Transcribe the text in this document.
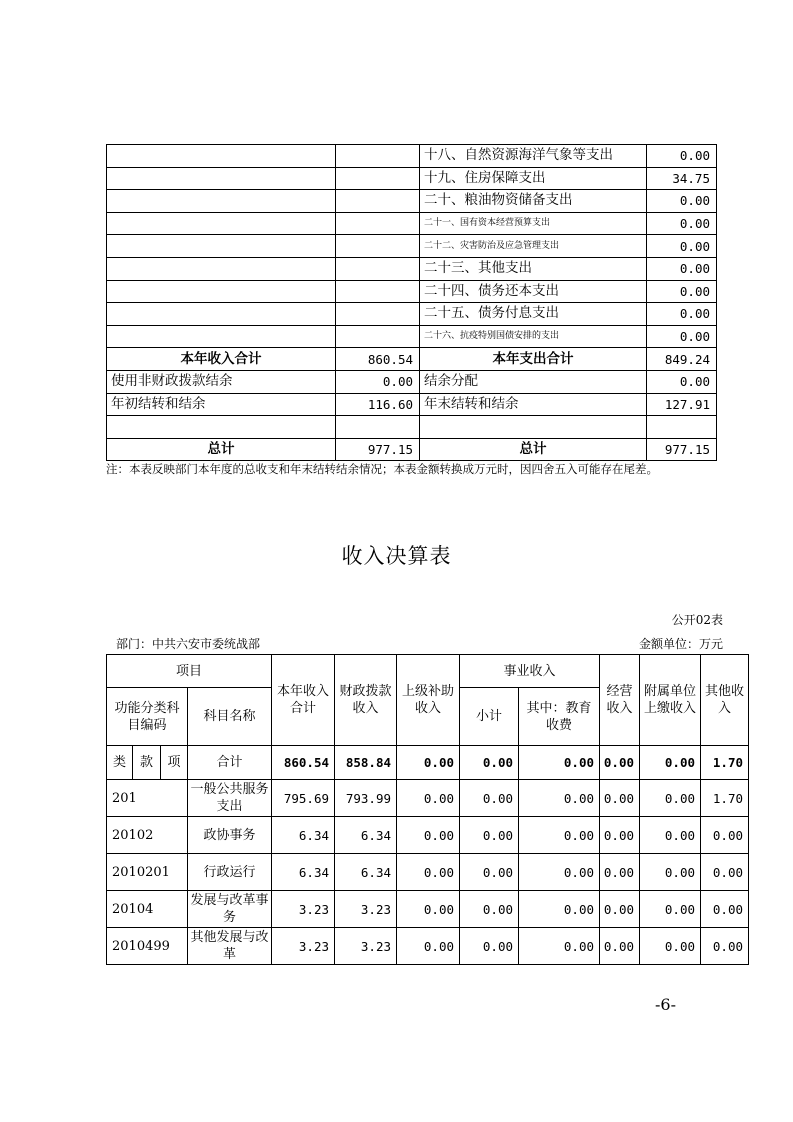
		十八、自然资源海洋气象等支出	0.00
		十九、住房保障支出	34.75
		二十、粮油物资储备支出	0.00
		二十一、国有资本经营预算支出	0.00
		二十二、灾害防治及应急管理支出	0.00
		二十三、其他支出	0.00
		二十四、债务还本支出	0.00
		二十五、债务付息支出	0.00
		二十六、抗疫特别国债安排的支出	0.00
本年收入合计	860.54	本年支出合计	849.24
使用非财政拨款结余	0.00	结余分配	0.00
年初结转和结余	116.60	年末结转和结余	127.91

总计	977.15	总计	977.15
注：本表反映部门本年度的总收支和年末结转结余情况；本表金额转换成万元时，因四舍五入可能存在尾差。
收入决算表
公开02表
部门：中共六安市委统战部	金额单位：万元
项目				本年收入合计	财政拨款收入	上级补助收入	事业收入		经营收入	附属单位上缴收入	其他收入
功能分类科目编码			科目名称				小计	其中：教育收费			

类	款	项	合计	860.54	858.84	0.00	0.00	0.00	0.00	0.00	1.70
201			一般公共服务支出	795.69	793.99	0.00	0.00	0.00	0.00	0.00	1.70
20102			政协事务	6.34	6.34	0.00	0.00	0.00	0.00	0.00	0.00
2010201			行政运行	6.34	6.34	0.00	0.00	0.00	0.00	0.00	0.00
20104			发展与改革事务	3.23	3.23	0.00	0.00	0.00	0.00	0.00	0.00
2010499			其他发展与改革	3.23	3.23	0.00	0.00	0.00	0.00	0.00	0.00
-6-
